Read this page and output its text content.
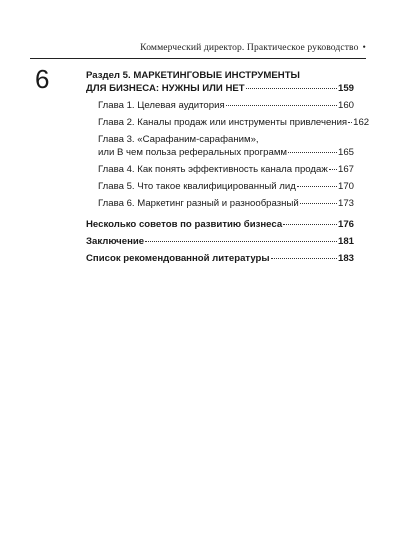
Коммерческий директор. Практическое руководство •
6	Раздел 5. МАРКЕТИНГОВЫЕ ИНСТРУМЕНТЫ
ДЛЯ БИЗНЕСА: НУЖНЫ ИЛИ НЕТ	159
Глава 1. Целевая аудитория	160
Глава 2. Каналы продаж или инструменты привлечения 162
Глава 3. «Сарафаним-сарафаним»,
или В чем польза реферальных программ	165
Глава 4. Как понять эффективность канала продаж 167
Глава 5. Что такое квалифицированный лид	170
Глава 6. Маркетинг разный и разнообразный	173
Несколько советов по развитию бизнеса	176
Заключение	181
Список рекомендованной литературы	183
